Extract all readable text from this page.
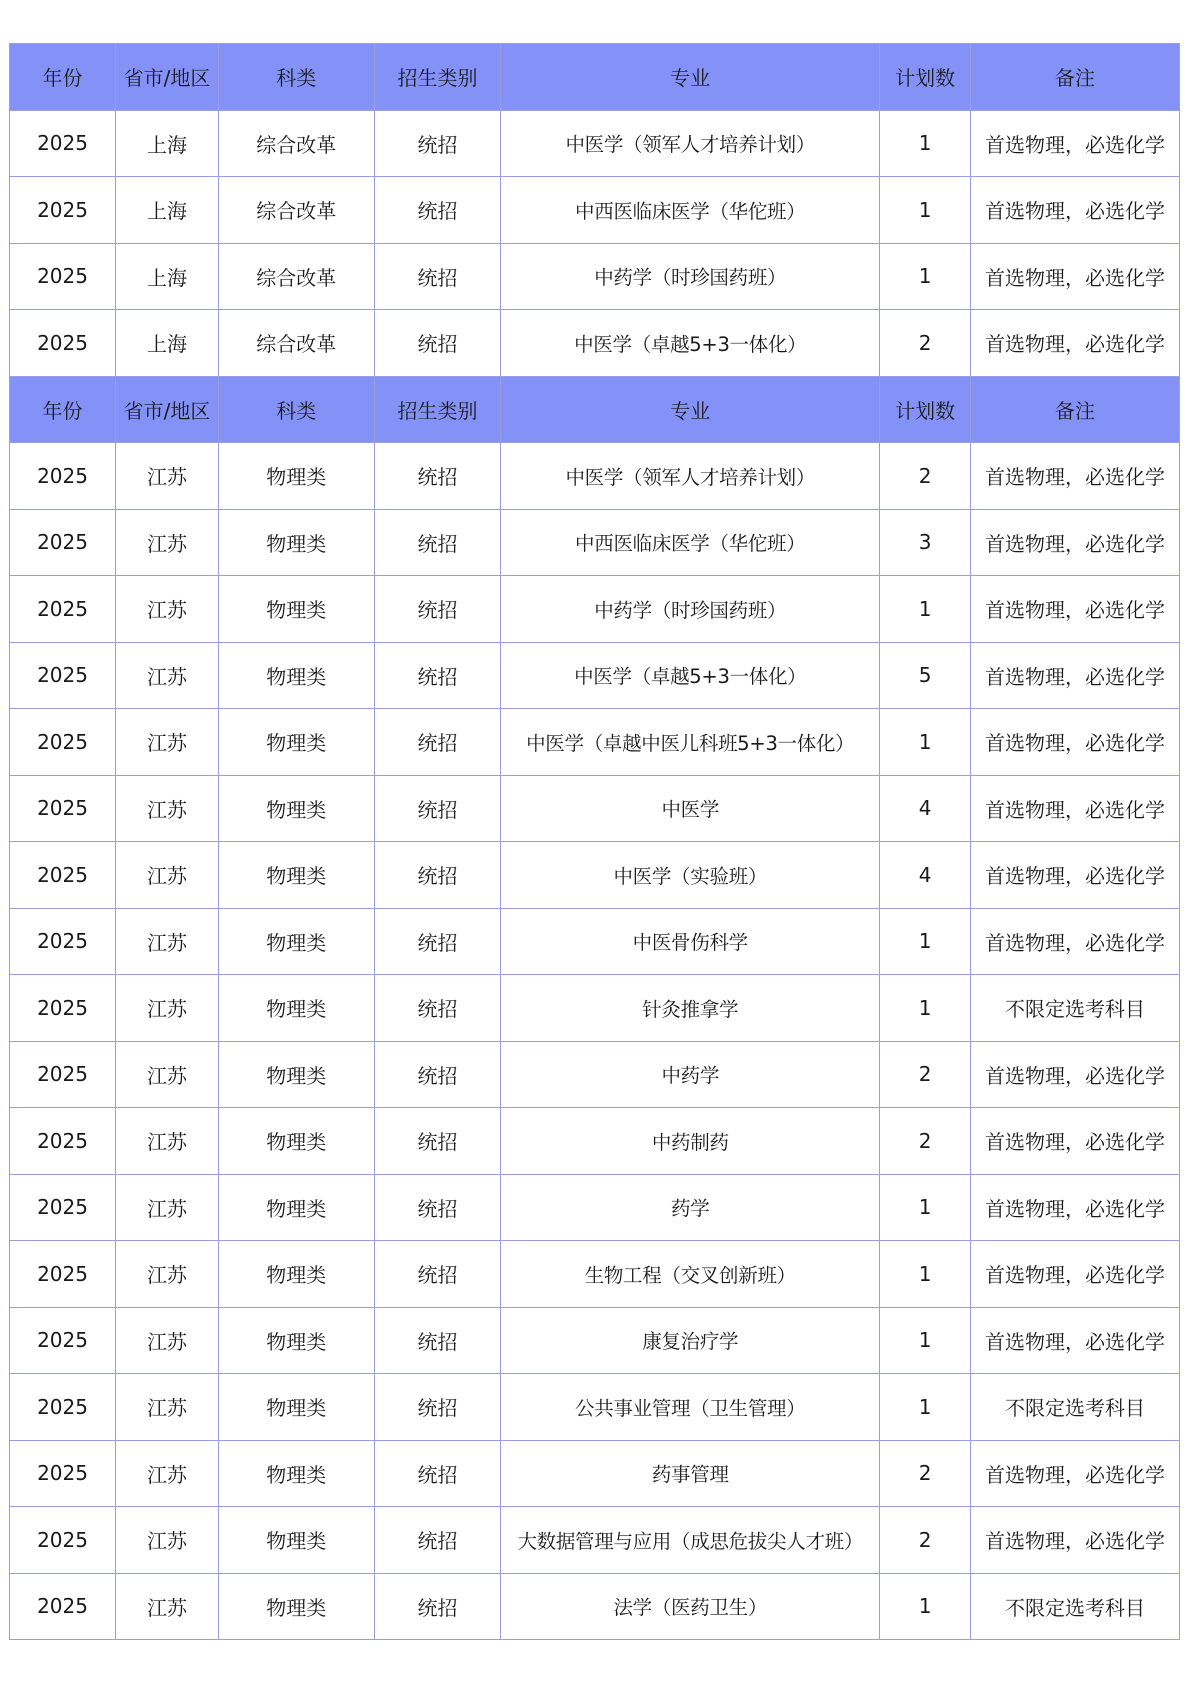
年份	省市/地区	科类	招生类别	专业	计划数	备注
2025	上海	综合改革	统招	中医学（领军人才培养计划）	1	首选物理，必选化学
2025	上海	综合改革	统招	中西医临床医学（华佗班）	1	首选物理，必选化学
2025	上海	综合改革	统招	中药学（时珍国药班）	1	首选物理，必选化学
2025	上海	综合改革	统招	中医学（卓越5+3一体化）	2	首选物理，必选化学
年份	省市/地区	科类	招生类别	专业	计划数	备注
2025	江苏	物理类	统招	中医学（领军人才培养计划）	2	首选物理，必选化学
2025	江苏	物理类	统招	中西医临床医学（华佗班）	3	首选物理，必选化学
2025	江苏	物理类	统招	中药学（时珍国药班）	1	首选物理，必选化学
2025	江苏	物理类	统招	中医学（卓越5+3一体化）	5	首选物理，必选化学
2025	江苏	物理类	统招	中医学（卓越中医儿科班5+3一体化）	1	首选物理，必选化学
2025	江苏	物理类	统招	中医学	4	首选物理，必选化学
2025	江苏	物理类	统招	中医学（实验班）	4	首选物理，必选化学
2025	江苏	物理类	统招	中医骨伤科学	1	首选物理，必选化学
2025	江苏	物理类	统招	针灸推拿学	1	不限定选考科目
2025	江苏	物理类	统招	中药学	2	首选物理，必选化学
2025	江苏	物理类	统招	中药制药	2	首选物理，必选化学
2025	江苏	物理类	统招	药学	1	首选物理，必选化学
2025	江苏	物理类	统招	生物工程（交叉创新班）	1	首选物理，必选化学
2025	江苏	物理类	统招	康复治疗学	1	首选物理，必选化学
2025	江苏	物理类	统招	公共事业管理（卫生管理）	1	不限定选考科目
2025	江苏	物理类	统招	药事管理	2	首选物理，必选化学
2025	江苏	物理类	统招	大数据管理与应用（成思危拔尖人才班）	2	首选物理，必选化学
2025	江苏	物理类	统招	法学（医药卫生）	1	不限定选考科目
